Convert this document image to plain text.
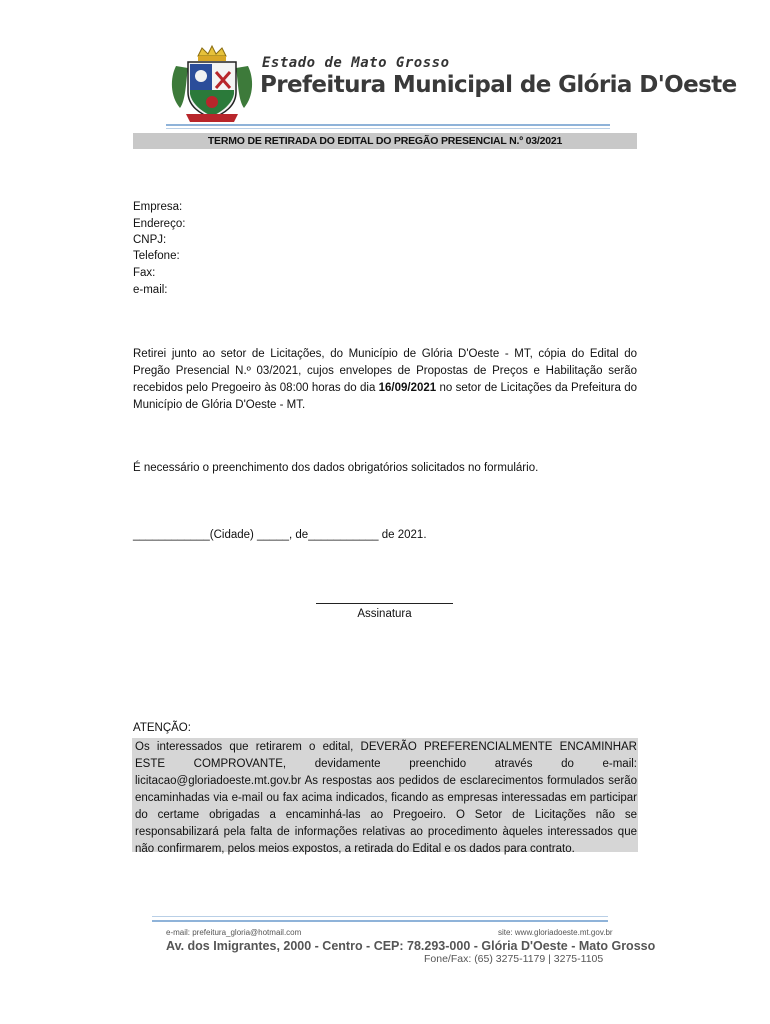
Estado de Mato Grosso
Prefeitura Municipal de Glória D'Oeste
TERMO DE RETIRADA DO EDITAL DO PREGÃO PRESENCIAL N.º 03/2021
Empresa:
Endereço:
CNPJ:
Telefone:
Fax:
e-mail:
Retirei junto ao setor de Licitações, do Município de Glória D'Oeste - MT, cópia do Edital do Pregão Presencial N.º 03/2021, cujos envelopes de Propostas de Preços e Habilitação serão recebidos pelo Pregoeiro às 08:00 horas do dia 16/09/2021 no setor de Licitações da Prefeitura do Município de Glória D'Oeste - MT.
É necessário o preenchimento dos dados obrigatórios solicitados no formulário.
____________(Cidade) _____, de___________ de 2021.
Assinatura
ATENÇÃO:
Os interessados que retirarem o edital, DEVERÃO PREFERENCIALMENTE ENCAMINHAR ESTE COMPROVANTE, devidamente preenchido através do e-mail: licitacao@gloriadoeste.mt.gov.br As respostas aos pedidos de esclarecimentos formulados serão encaminhadas via e-mail ou fax acima indicados, ficando as empresas interessadas em participar do certame obrigadas a encaminhá-las ao Pregoeiro. O Setor de Licitações não se responsabilizará pela falta de informações relativas ao procedimento àqueles interessados que não confirmarem, pelos meios expostos, a retirada do Edital e os dados para contrato.
e-mail: prefeitura_gloria@hotmail.com	site: www.gloriadoeste.mt.gov.br
Av. dos Imigrantes, 2000 - Centro - CEP: 78.293-000 - Glória D'Oeste - Mato Grosso
Fone/Fax: (65) 3275-1179 | 3275-1105
